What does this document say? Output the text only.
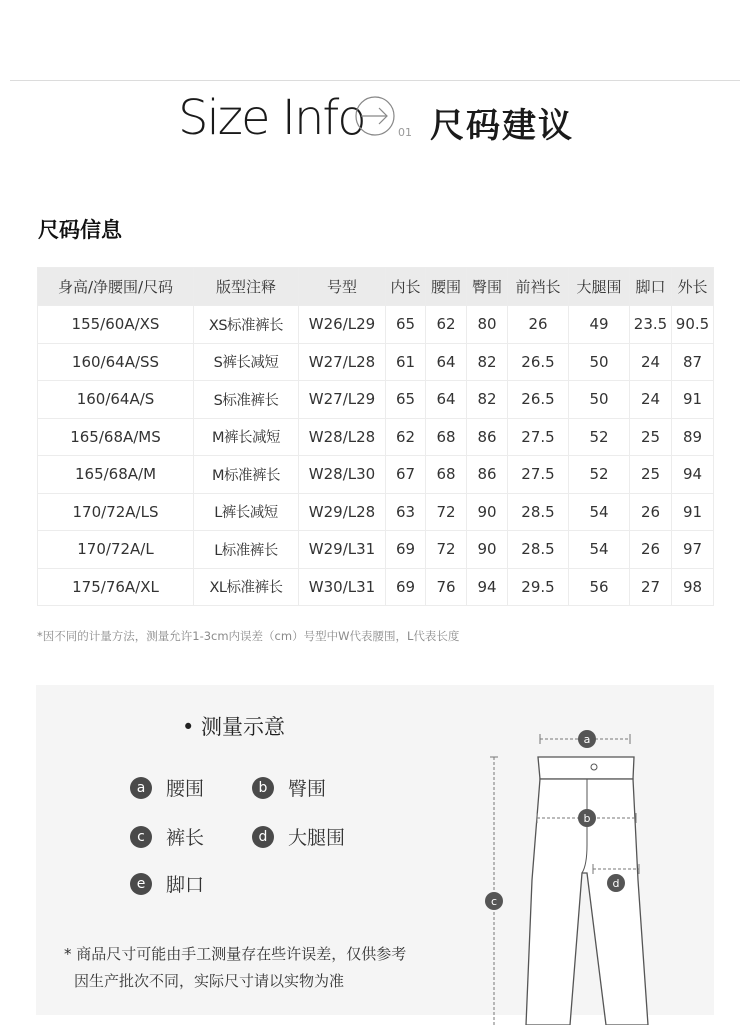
Size Info	01 尺码建议
尺码信息
身高/净腰围/尺码	版型注释	号型	内长	腰围	臀围	前裆长	大腿围	脚口	外长
155/60A/XS	XS标准裤长	W26/L29	65	62	80	26	49	23.5	90.5
160/64A/SS	S裤长减短	W27/L28	61	64	82	26.5	50	24	87
160/64A/S	S标准裤长	W27/L29	65	64	82	26.5	50	24	91
165/68A/MS	M裤长减短	W28/L28	62	68	86	27.5	52	25	89
165/68A/M	M标准裤长	W28/L30	67	68	86	27.5	52	25	94
170/72A/LS	L裤长减短	W29/L28	63	72	90	28.5	54	26	91
170/72A/L	L标准裤长	W29/L31	69	72	90	28.5	54	26	97
175/76A/XL	XL标准裤长	W30/L31	69	76	94	29.5	56	27	98
*因不同的计量方法，测量允许1-3cm内误差（cm）号型中W代表腰围，L代表长度
• 测量示意
a	腰围	b	臀围
c	裤长	d	大腿围
e	脚口
* 商品尺寸可能由手工测量存在些许误差，仅供参考
因生产批次不同，实际尺寸请以实物为准
a
b
c
d
